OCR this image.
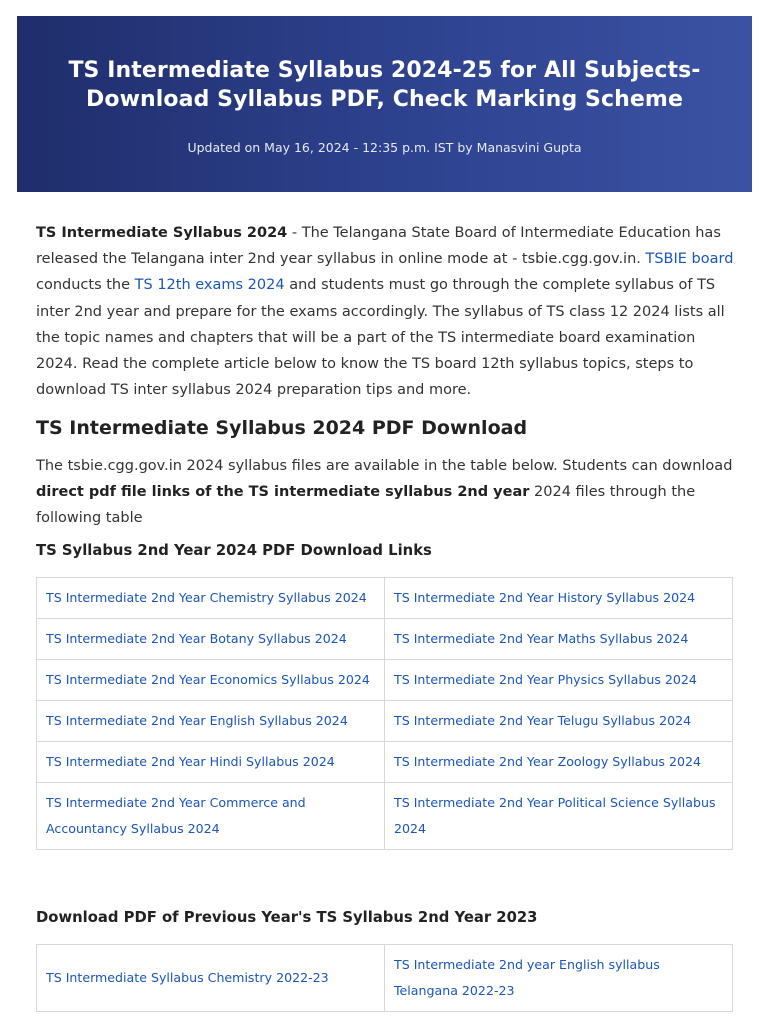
TS Intermediate Syllabus 2024-25 for All Subjects- Download Syllabus PDF, Check Marking Scheme
Updated on May 16, 2024 - 12:35 p.m. IST by Manasvini Gupta

TS Intermediate Syllabus 2024 - The Telangana State Board of Intermediate Education has released the Telangana inter 2nd year syllabus in online mode at - tsbie.cgg.gov.in. TSBIE board conducts the TS 12th exams 2024 and students must go through the complete syllabus of TS inter 2nd year and prepare for the exams accordingly. The syllabus of TS class 12 2024 lists all the topic names and chapters that will be a part of the TS intermediate board examination 2024. Read the complete article below to know the TS board 12th syllabus topics, steps to download TS inter syllabus 2024 preparation tips and more.

TS Intermediate Syllabus 2024 PDF Download

The tsbie.cgg.gov.in 2024 syllabus files are available in the table below. Students can download direct pdf file links of the TS intermediate syllabus 2nd year 2024 files through the following table

TS Syllabus 2nd Year 2024 PDF Download Links
TS Intermediate 2nd Year Chemistry Syllabus 2024	TS Intermediate 2nd Year History Syllabus 2024
TS Intermediate 2nd Year Botany Syllabus 2024	TS Intermediate 2nd Year Maths Syllabus 2024
TS Intermediate 2nd Year Economics Syllabus 2024	TS Intermediate 2nd Year Physics Syllabus 2024
TS Intermediate 2nd Year English Syllabus 2024	TS Intermediate 2nd Year Telugu Syllabus 2024
TS Intermediate 2nd Year Hindi Syllabus 2024	TS Intermediate 2nd Year Zoology Syllabus 2024
TS Intermediate 2nd Year Commerce and Accountancy Syllabus 2024	TS Intermediate 2nd Year Political Science Syllabus 2024
Download PDF of Previous Year's TS Syllabus 2nd Year 2023
TS Intermediate Syllabus Chemistry 2022-23	TS Intermediate 2nd year English syllabus Telangana 2022-23
